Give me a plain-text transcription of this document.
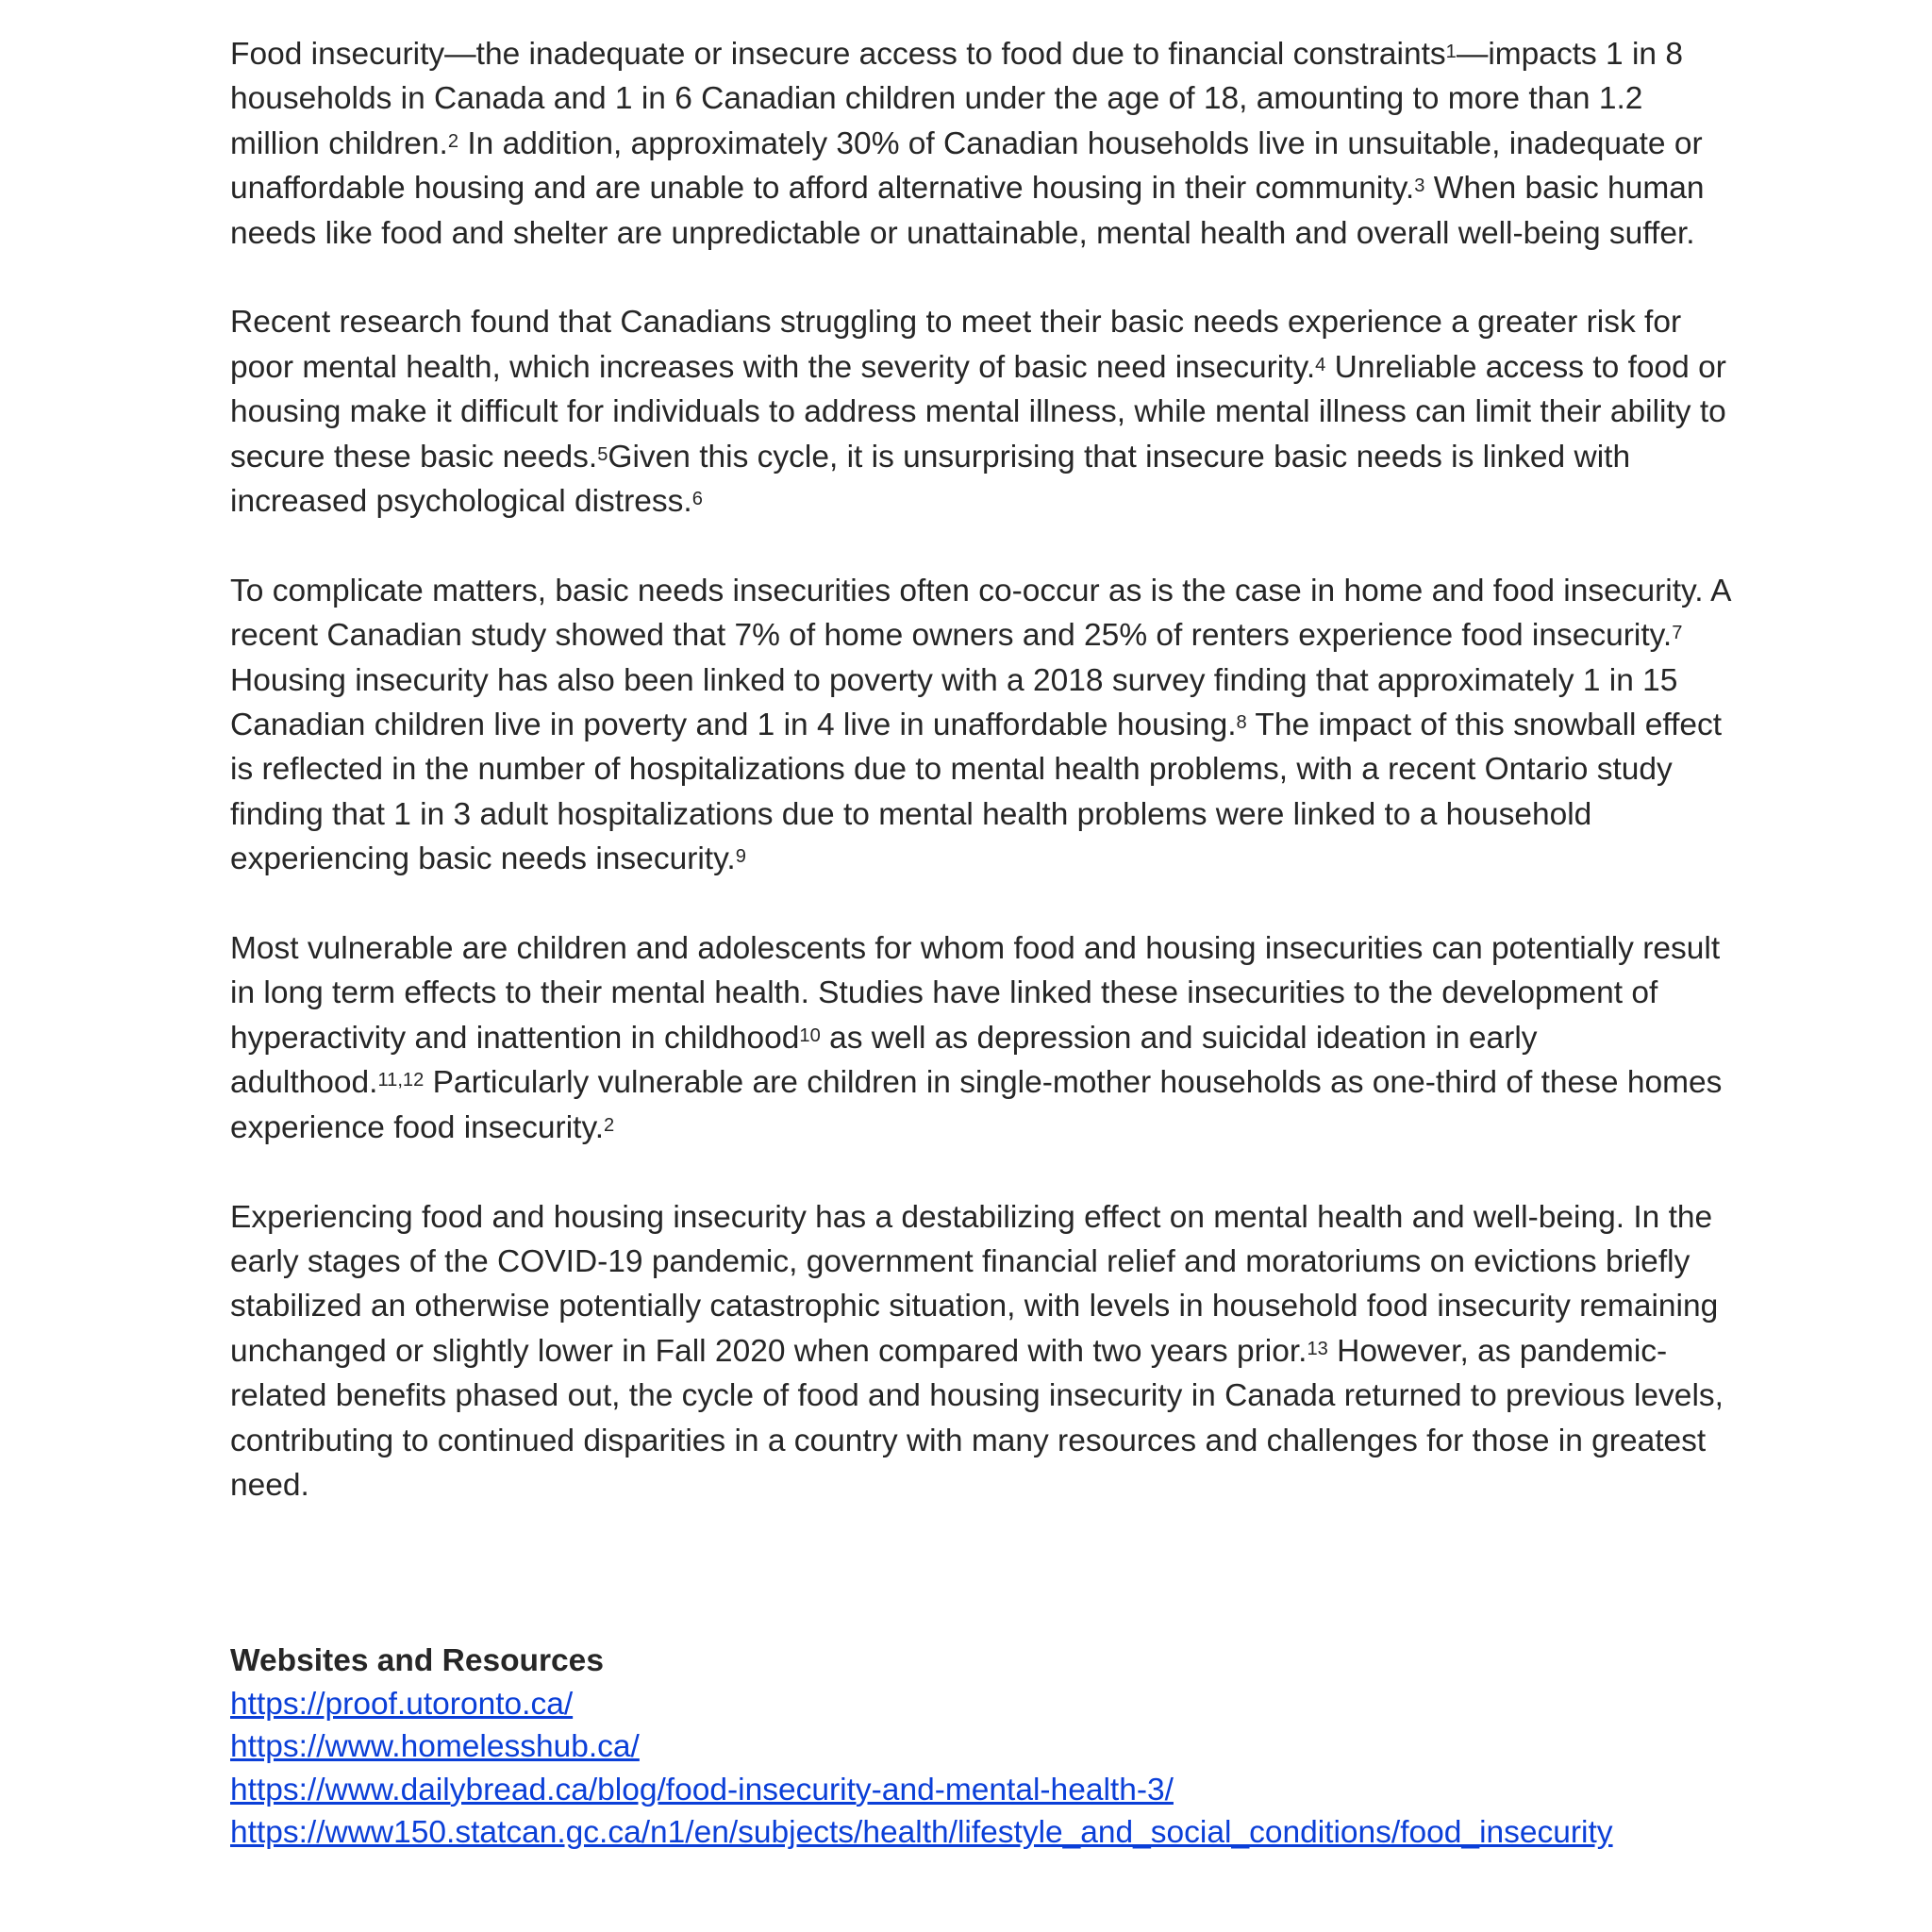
Food insecurity—the inadequate or insecure access to food due to financial constraints$^1$—impacts 1 in 8 households in Canada and 1 in 6 Canadian children under the age of 18, amounting to more than 1.2 million children.$^2$ In addition, approximately 30% of Canadian households live in unsuitable, inadequate or unaffordable housing and are unable to afford alternative housing in their community.$^3$ When basic human needs like food and shelter are unpredictable or unattainable, mental health and overall well-being suffer.

Recent research found that Canadians struggling to meet their basic needs experience a greater risk for poor mental health, which increases with the severity of basic need insecurity.$^4$ Unreliable access to food or housing make it difficult for individuals to address mental illness, while mental illness can limit their ability to secure these basic needs.$^5$Given this cycle, it is unsurprising that insecure basic needs is linked with increased psychological distress.$^6$

To complicate matters, basic needs insecurities often co-occur as is the case in home and food insecurity. A recent Canadian study showed that 7% of home owners and 25% of renters experience food insecurity.$^7$ Housing insecurity has also been linked to poverty with a 2018 survey finding that approximately 1 in 15 Canadian children live in poverty and 1 in 4 live in unaffordable housing.$^8$ The impact of this snowball effect is reflected in the number of hospitalizations due to mental health problems, with a recent Ontario study finding that 1 in 3 adult hospitalizations due to mental health problems were linked to a household experiencing basic needs insecurity.$^9$

Most vulnerable are children and adolescents for whom food and housing insecurities can potentially result in long term effects to their mental health. Studies have linked these insecurities to the development of hyperactivity and inattention in childhood$^{10}$ as well as depression and suicidal ideation in early adulthood.$^{11,12}$ Particularly vulnerable are children in single-mother households as one-third of these homes experience food insecurity.$^2$

Experiencing food and housing insecurity has a destabilizing effect on mental health and well-being. In the early stages of the COVID-19 pandemic, government financial relief and moratoriums on evictions briefly stabilized an otherwise potentially catastrophic situation, with levels in household food insecurity remaining unchanged or slightly lower in Fall 2020 when compared with two years prior.$^{13}$ However, as pandemic-related benefits phased out, the cycle of food and housing insecurity in Canada returned to previous levels, contributing to continued disparities in a country with many resources and challenges for those in greatest need.

Websites and Resources

https://proof.utoronto.ca/
https://www.homelesshub.ca/
https://www.dailybread.ca/blog/food-insecurity-and-mental-health-3/
https://www150.statcan.gc.ca/n1/en/subjects/health/lifestyle_and_social_conditions/food_insecurity
